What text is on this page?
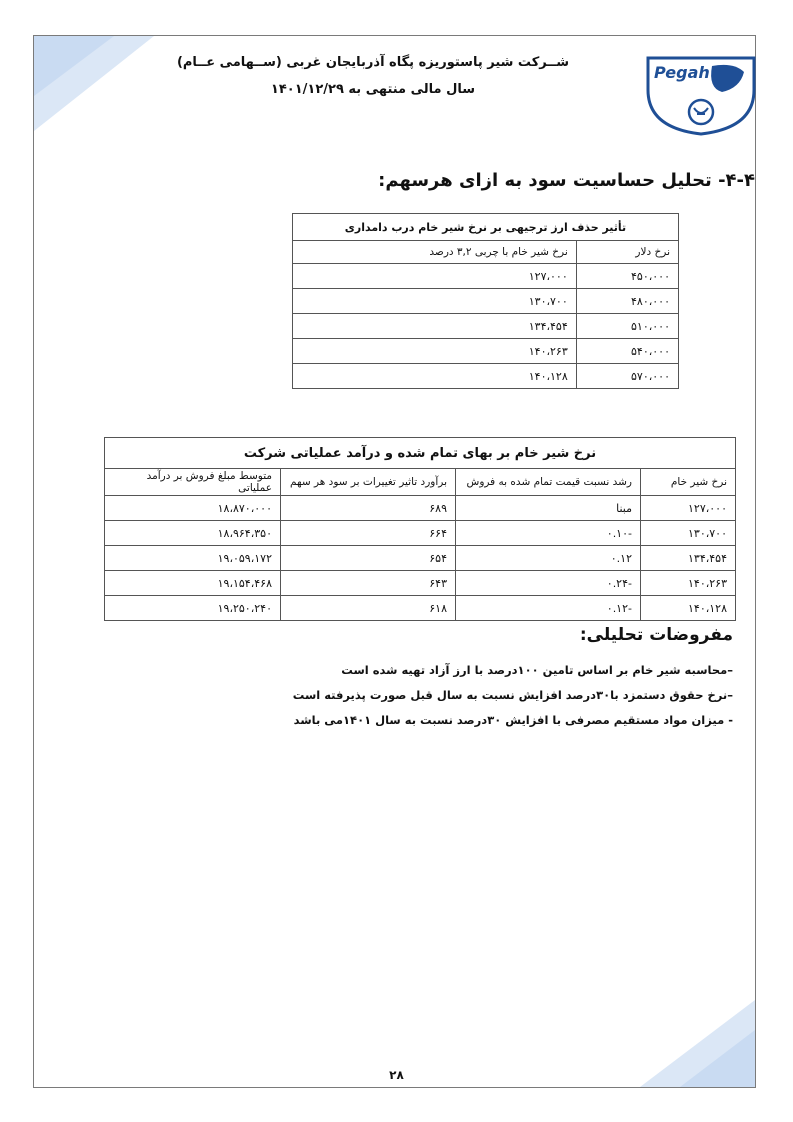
شــرکت شیر پاستوریزه پگاه آذربایجان غربی (ســهامی عــام)
سال مالی منتهی به ۱۴۰۱/۱۲/۲۹
Pegah
۴-۴- تحلیل حساسیت سود به ازای هرسهم:
تأثیر حذف ارز ترجیهی بر نرخ شیر خام درب دامداری	
نرخ دلار	نرخ شیر خام با چربی ۳,۲ درصد
۴۵۰،۰۰۰	۱۲۷،۰۰۰
۴۸۰،۰۰۰	۱۳۰،۷۰۰
۵۱۰،۰۰۰	۱۳۴،۴۵۴
۵۴۰،۰۰۰	۱۴۰،۲۶۳
۵۷۰،۰۰۰	۱۴۰،۱۲۸
نرخ شیر خام بر بهای تمام شده و درآمد عملیاتی شرکت			
نرخ شیر خام	رشد نسبت قیمت تمام شده به فروش	برآورد تاثیر تغییرات بر سود هر سهم	متوسط مبلغ فروش بر درآمد عملیاتی
۱۲۷،۰۰۰	مبنا	۶۸۹	۱۸،۸۷۰،۰۰۰
۱۳۰،۷۰۰	-۰.۱۰	۶۶۴	۱۸،۹۶۴،۳۵۰
۱۳۴،۴۵۴	۰.۱۲	۶۵۴	۱۹،۰۵۹،۱۷۲
۱۴۰،۲۶۳	-۰.۲۴	۶۴۳	۱۹،۱۵۴،۴۶۸
۱۴۰،۱۲۸	-۰.۱۲	۶۱۸	۱۹،۲۵۰،۲۴۰
مفروضات تحلیلی:
–محاسبه شیر خام بر اساس تامین ۱۰۰درصد با ارز آزاد تهیه شده است
–نرخ حقوق دستمزد با۳۰درصد افزایش نسبت به سال قبل صورت پذیرفته است
- میزان مواد مستقیم مصرفی با افزایش ۳۰درصد نسبت به سال ۱۴۰۱می باشد
۲۸
